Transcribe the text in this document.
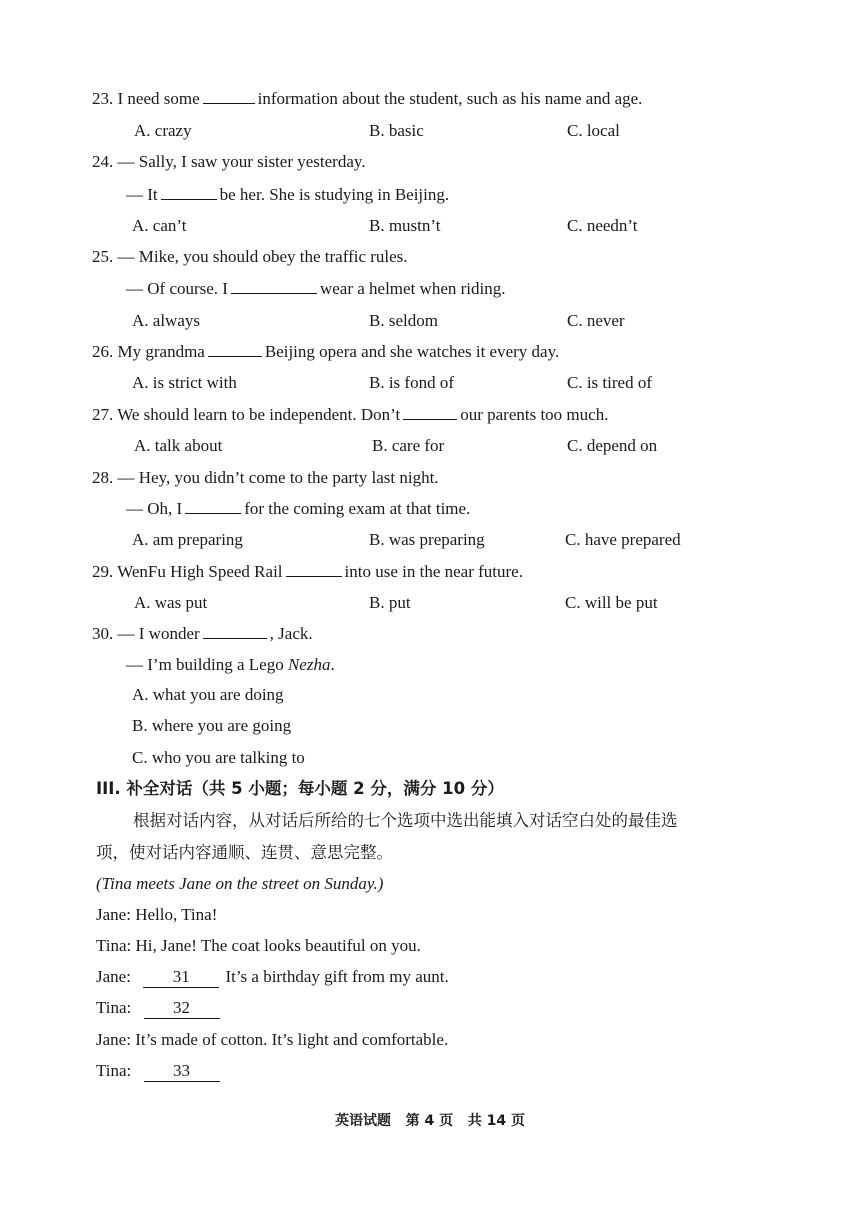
23. I need some	information about the student, such as his name and age.
A. crazy	B. basic	C. local
24. — Sally, I saw your sister yesterday.
— It	be her. She is studying in Beijing.
A. can’t	B. mustn’t	C. needn’t
25. — Mike, you should obey the traffic rules.
— Of course. I	wear a helmet when riding.
A. always	B. seldom	C. never
26. My grandma	Beijing opera and she watches it every day.
A. is strict with	B. is fond of	C. is tired of
27. We should learn to be independent. Don’t	our parents too much.
A. talk about	B. care for	C. depend on
28. — Hey, you didn’t come to the party last night.
— Oh, I	for the coming exam at that time.
A. am preparing	B. was preparing	C. have prepared
29. WenFu High Speed Rail	into use in the near future.
A. was put	B. put	C. will be put
30. — I wonder	, Jack.
— I’m building a Lego Nezha.
A. what you are doing
B. where you are going
C. who you are talking to
III. 补全对话（共 5 小题；每小题 2 分，满分 10 分）
根据对话内容，从对话后所给的七个选项中选出能填入对话空白处的最佳选
项，使对话内容通顺、连贯、意思完整。
(Tina meets Jane on the street on Sunday.)
Jane: Hello, Tina!
Tina: Hi, Jane! The coat looks beautiful on you.
Jane: 31 It’s a birthday gift from my aunt.
Tina: 32
Jane: It’s made of cotton. It’s light and comfortable.
Tina: 33
英语试题   第 4 页   共 14 页
